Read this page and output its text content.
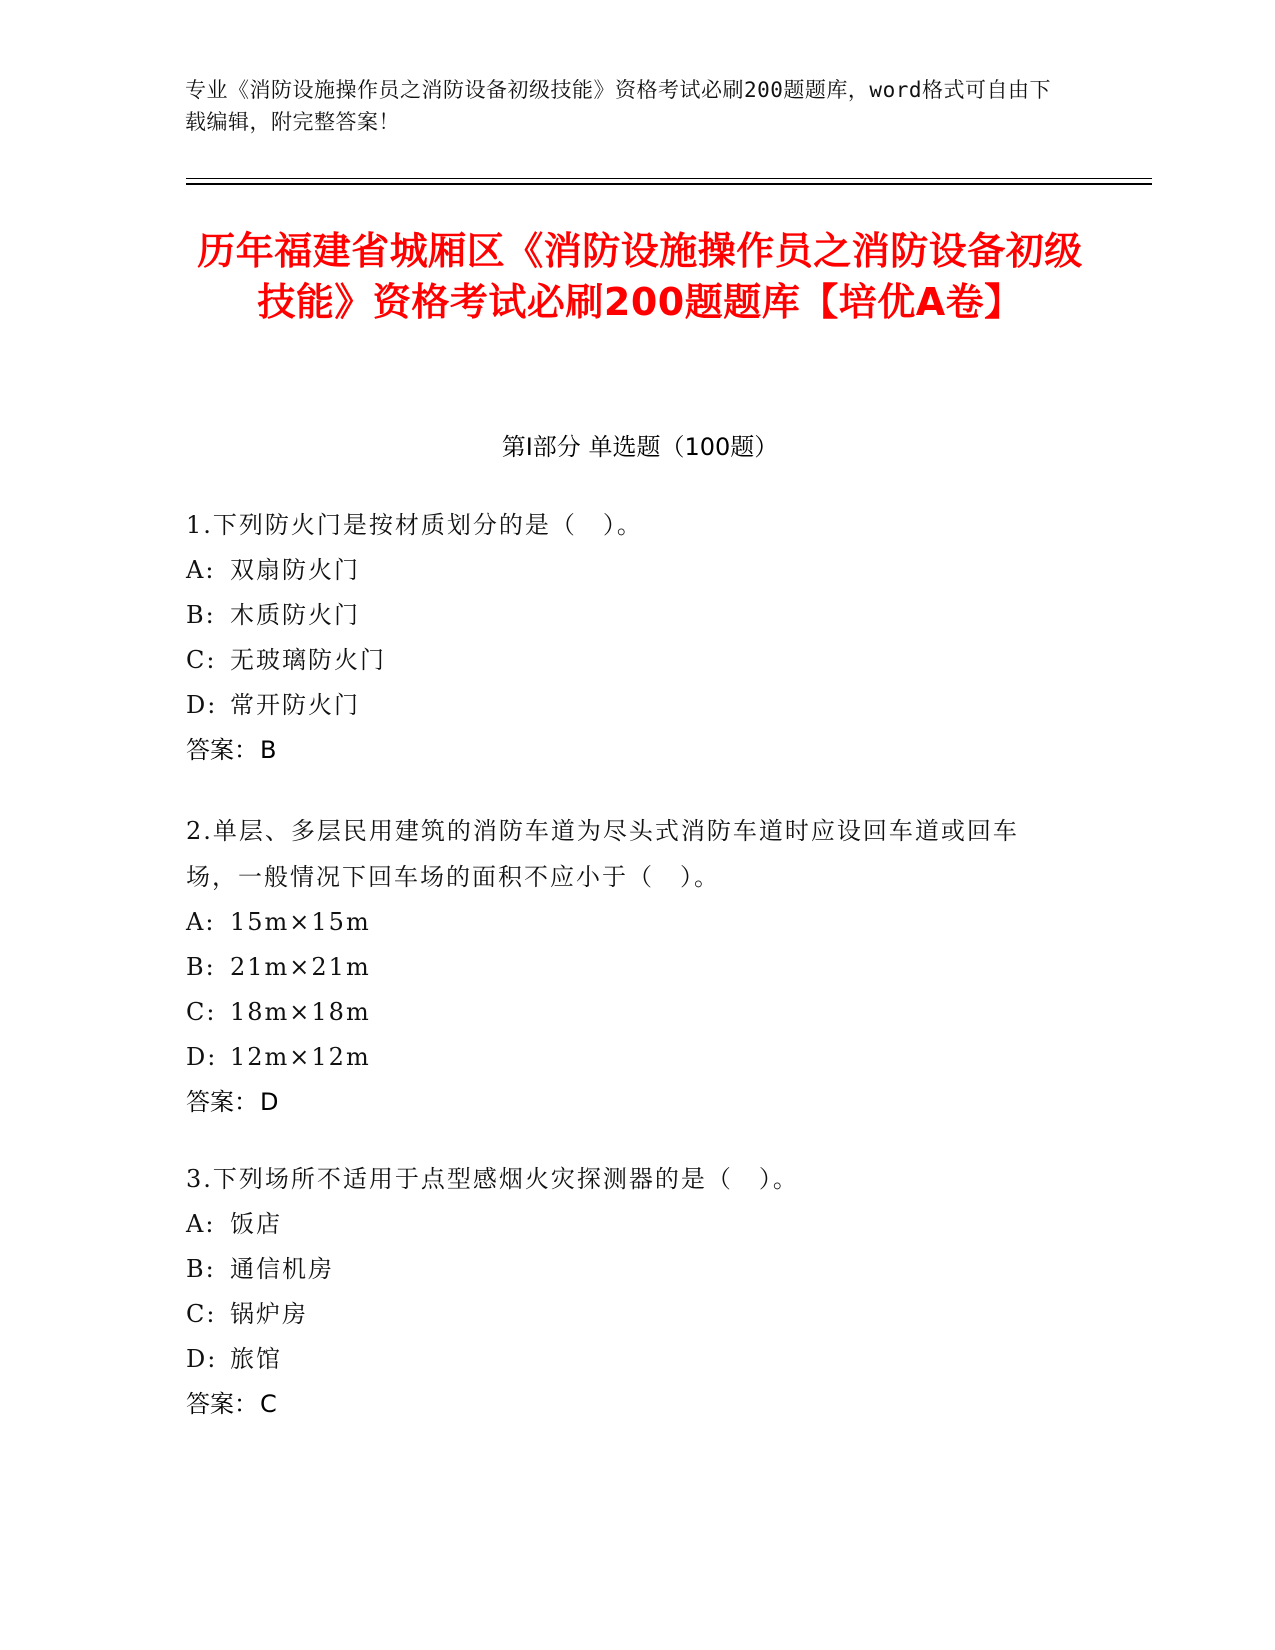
专业《消防设施操作员之消防设备初级技能》资格考试必刷200题题库，word格式可自由下载编辑，附完整答案！
历年福建省城厢区《消防设施操作员之消防设备初级技能》资格考试必刷200题题库【培优A卷】
第Ⅰ部分 单选题（100题）
1.下列防火门是按材质划分的是（　）。
A: 双扇防火门
B: 木质防火门
C: 无玻璃防火门
D: 常开防火门
答案：B
2.单层、多层民用建筑的消防车道为尽头式消防车道时应设回车道或回车场，一般情况下回车场的面积不应小于（　）。
A: 15m×15m
B: 21m×21m
C: 18m×18m
D: 12m×12m
答案：D
3.下列场所不适用于点型感烟火灾探测器的是（　）。
A: 饭店
B: 通信机房
C: 锅炉房
D: 旅馆
答案：C
